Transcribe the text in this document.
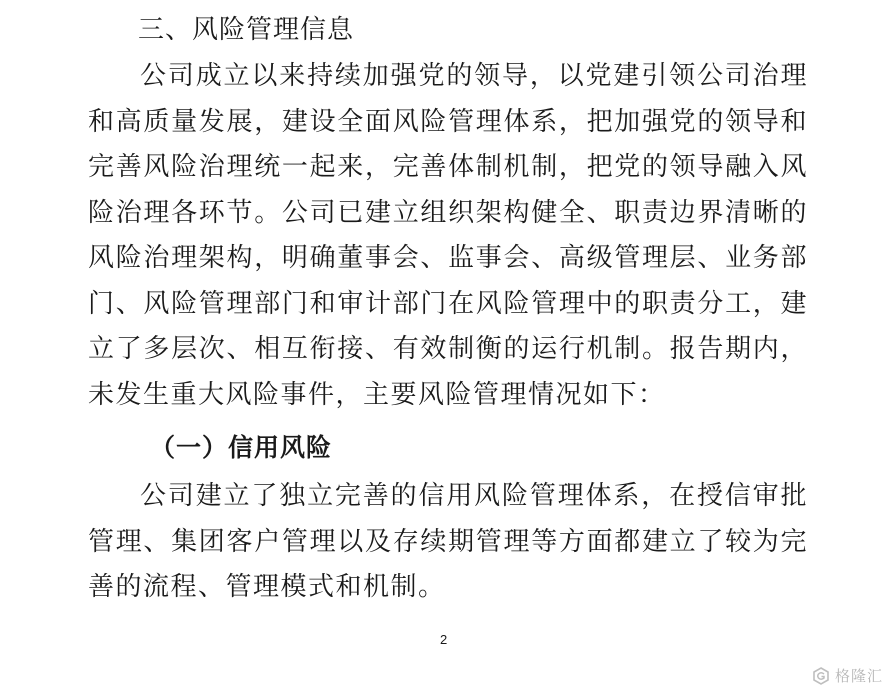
三、风险管理信息
公司成立以来持续加强党的领导，以党建引领公司治理和高质量发展，建设全面风险管理体系，把加强党的领导和完善风险治理统一起来，完善体制机制，把党的领导融入风险治理各环节。公司已建立组织架构健全、职责边界清晰的风险治理架构，明确董事会、监事会、高级管理层、业务部门、风险管理部门和审计部门在风险管理中的职责分工，建立了多层次、相互衔接、有效制衡的运行机制。报告期内，未发生重大风险事件，主要风险管理情况如下：
（一）信用风险
公司建立了独立完善的信用风险管理体系，在授信审批管理、集团客户管理以及存续期管理等方面都建立了较为完善的流程、管理模式和机制。
2
格隆汇
